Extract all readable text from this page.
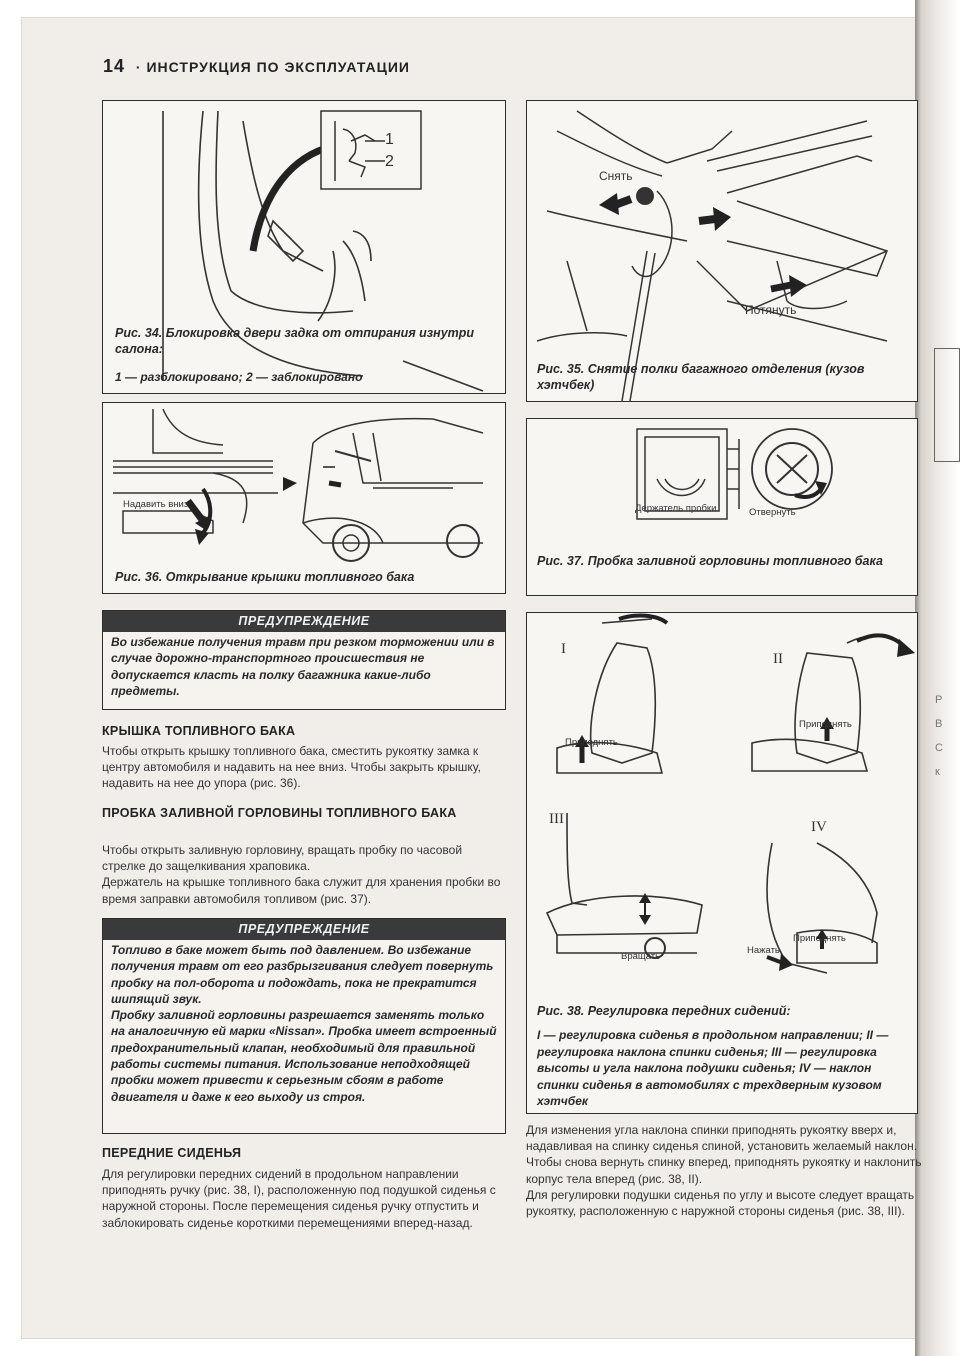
Р
В
С
к
14 · ИНСТРУКЦИЯ ПО ЭКСПЛУАТАЦИИ
1
2
Рис. 34. Блокировка двери задка от отпирания изнутри салона:
1 — разблокировано; 2 — заблокировано
Снять
Потянуть
Рис. 35. Снятие полки багажного отделения (кузов хэтчбек)
Надавить вниз
Рис. 36. Открывание крышки топливного бака
Держатель пробки	Отвернуть
Рис. 37. Пробка заливной горловины топливного бака
I
II
III	IV
Приподнять
Приподнять
Вращать
Нажать
Приподнять
Рис. 38. Регулировка передних сидений:
I — регулировка сиденья в продольном направлении; II — регулировка наклона спинки сиденья; III — регулировка высоты и угла наклона подушки сиденья; IV — наклон спинки сиденья в автомобилях с трехдверным кузовом хэтчбек
ПРЕДУПРЕЖДЕНИЕ

Во избежание получения травм при резком торможении или в случае дорожно-транспортного происшествия не допускается класть на полку багажника какие-либо предметы.

КРЫШКА ТОПЛИВНОГО БАКА

Чтобы открыть крышку топливного бака, сместить рукоятку замка к центру автомобиля и надавить на нее вниз. Чтобы закрыть крышку, надавить на нее до упора (рис. 36).

ПРОБКА ЗАЛИВНОЙ ГОРЛОВИНЫ ТОПЛИВНОГО БАКА

Чтобы открыть заливную горловину, вращать пробку по часовой стрелке до защелкивания храповика.

Держатель на крышке топливного бака служит для хранения пробки во время заправки автомобиля топливом (рис. 37).

ПРЕДУПРЕЖДЕНИЕ

Топливо в баке может быть под давлением. Во избежание получения травм от его разбрызгивания следует повернуть пробку на пол-оборота и подождать, пока не прекратится шипящий звук.

Пробку заливной горловины разрешается заменять только на аналогичную ей марки «Nissan». Пробка имеет встроенный предохранительный клапан, необходимый для правильной работы системы питания. Использование неподходящей пробки может привести к серьезным сбоям в работе двигателя и даже к его выходу из строя.

ПЕРЕДНИЕ СИДЕНЬЯ

Для регулировки передних сидений в продольном направлении приподнять ручку (рис. 38, I), расположенную под подушкой сиденья с наружной стороны. После перемещения сиденья ручку отпустить и заблокировать сиденье короткими перемещениями вперед-назад.

Для изменения угла наклона спинки приподнять рукоятку вверх и, надавливая на спинку сиденья спиной, установить желаемый наклон. Чтобы снова вернуть спинку вперед, приподнять рукоятку и наклонить корпус тела вперед (рис. 38, II).

Для регулировки подушки сиденья по углу и высоте следует вращать рукоятку, расположенную с наружной стороны сиденья (рис. 38, III).
